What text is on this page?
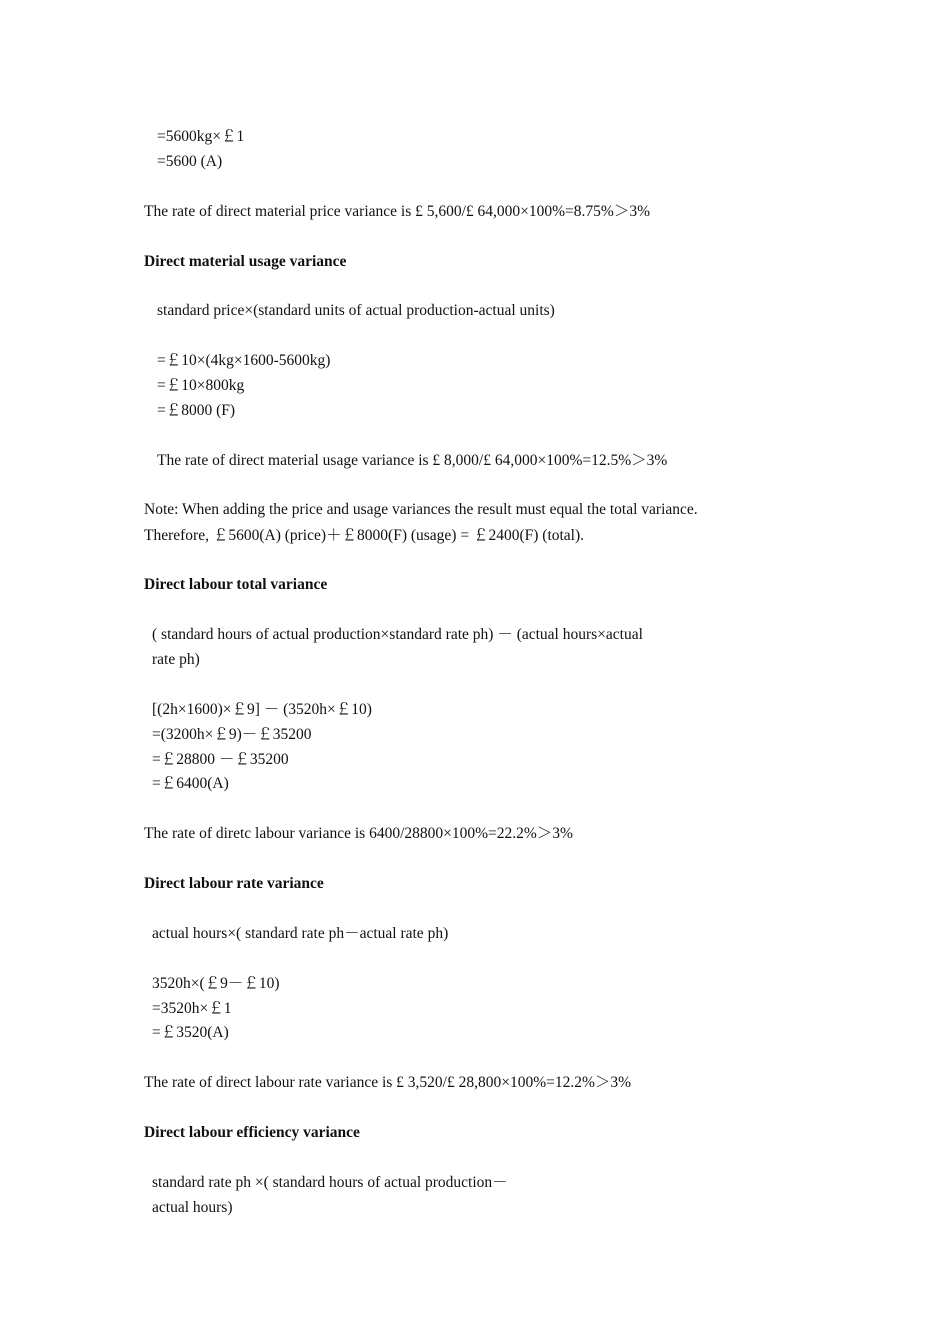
=5600kg×￡1
=5600 (A)
The rate of direct material price variance is £ 5,600/£ 64,000×100%=8.75%＞3%
Direct material usage variance
standard price×(standard units of actual production-actual units)
=￡10×(4kg×1600-5600kg)
=￡10×800kg
=￡8000 (F)
The rate of direct material usage variance is £ 8,000/£ 64,000×100%=12.5%＞3%
Note: When adding the price and usage variances the result must equal the total variance.
Therefore, ￡5600(A) (price)＋￡8000(F) (usage) = ￡2400(F) (total).
Direct labour total variance
( standard hours of actual production×standard rate ph) － (actual hours×actual
rate ph)
[(2h×1600)×￡9] － (3520h×￡10)
=(3200h×￡9)－￡35200
=￡28800 －￡35200
=￡6400(A)
The rate of diretc labour variance is 6400/28800×100%=22.2%＞3%
Direct labour rate variance
actual hours×( standard rate ph－actual rate ph)
3520h×(￡9－￡10)
=3520h×￡1
=￡3520(A)
The rate of direct labour rate variance is £ 3,520/£ 28,800×100%=12.2%＞3%
Direct labour efficiency variance
standard rate ph ×( standard hours of actual production－
actual hours)
